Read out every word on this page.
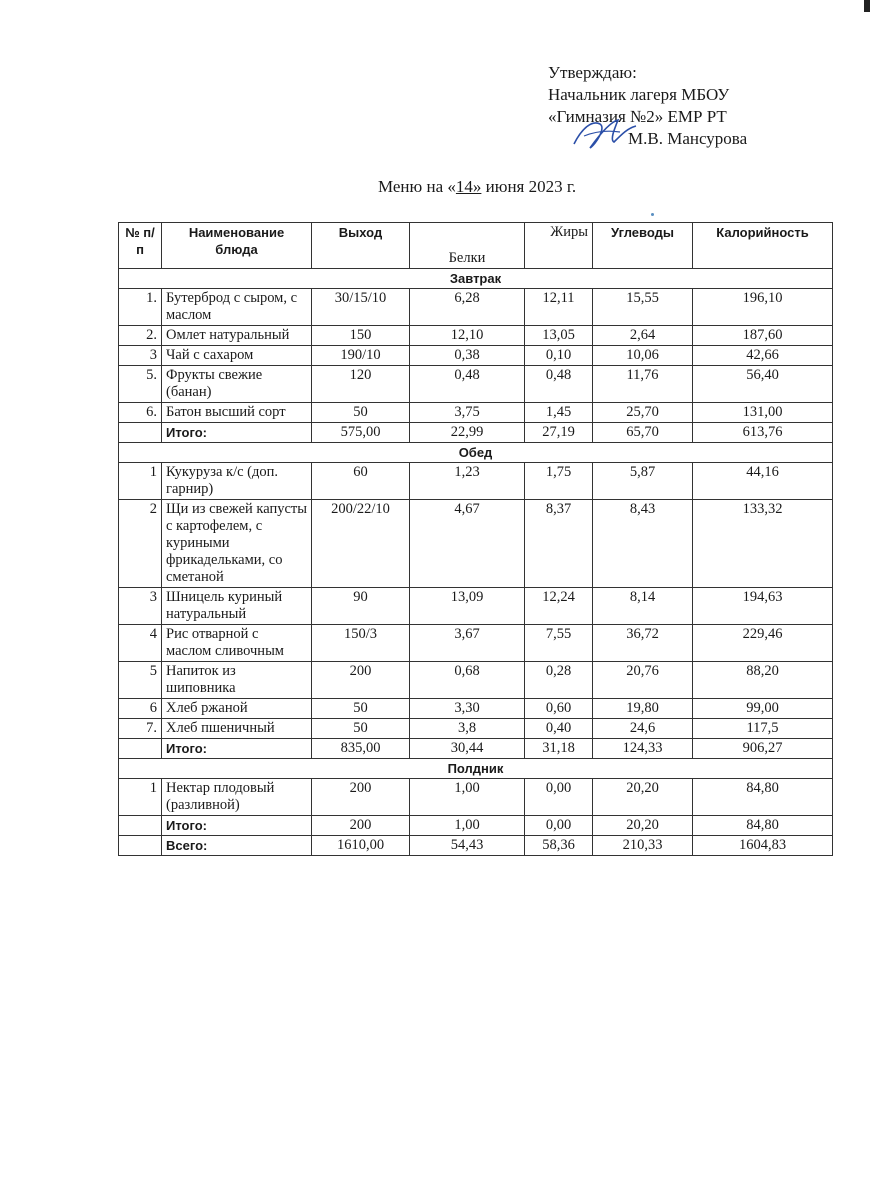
Утверждаю:
Начальник лагеря МБОУ
«Гимназия №2» ЕМР РТ
М.В. Мансурова
Меню на «14» июня 2023 г.
№ п/п	Наименование блюда	Выход	Белки	Жиры	Углеводы	Калорийность
Завтрак						
1.	Бутерброд с сыром, с маслом	30/15/10	6,28	12,11	15,55	196,10
2.	Омлет натуральный	150	12,10	13,05	2,64	187,60
3	Чай с сахаром	190/10	0,38	0,10	10,06	42,66
5.	Фрукты свежие (банан)	120	0,48	0,48	11,76	56,40
6.	Батон высший сорт	50	3,75	1,45	25,70	131,00
	Итого:	575,00	22,99	27,19	65,70	613,76
Обед						
1	Кукуруза к/с (доп. гарнир)	60	1,23	1,75	5,87	44,16
2	Щи из свежей капусты с картофелем, с куриными фрикадельками, со сметаной	200/22/10	4,67	8,37	8,43	133,32
3	Шницель куриный натуральный	90	13,09	12,24	8,14	194,63
4	Рис отварной с маслом сливочным	150/3	3,67	7,55	36,72	229,46
5	Напиток из шиповника	200	0,68	0,28	20,76	88,20
6	Хлеб ржаной	50	3,30	0,60	19,80	99,00
7.	Хлеб пшеничный	50	3,8	0,40	24,6	117,5
	Итого:	835,00	30,44	31,18	124,33	906,27
Полдник						
1	Нектар плодовый (разливной)	200	1,00	0,00	20,20	84,80
	Итого:	200	1,00	0,00	20,20	84,80
	Всего:	1610,00	54,43	58,36	210,33	1604,83
